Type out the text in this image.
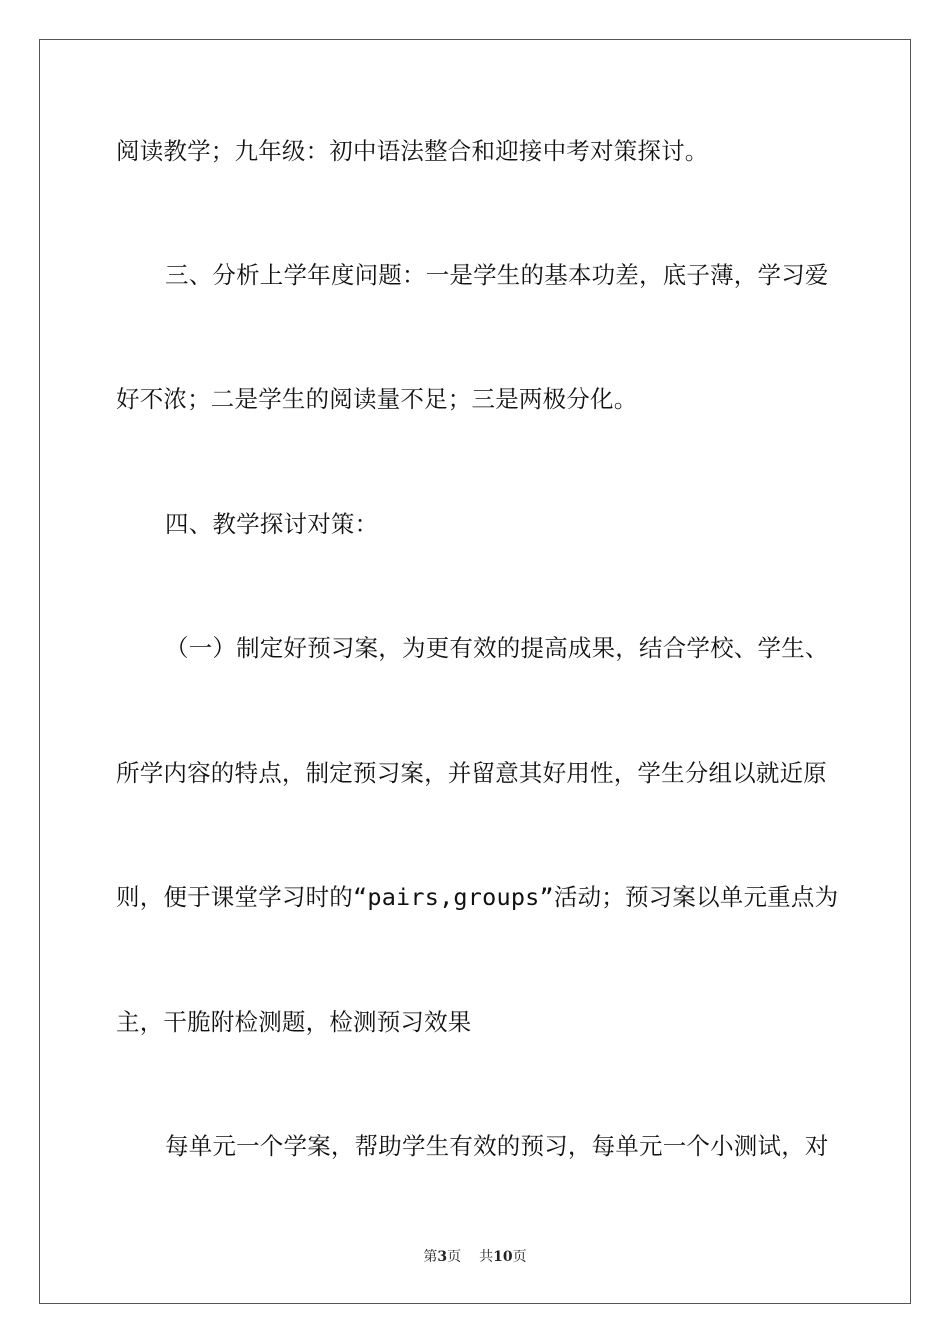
阅读教学；九年级：初中语法整合和迎接中考对策探讨。
三、分析上学年度问题：一是学生的基本功差，底子薄，学习爱
好不浓；二是学生的阅读量不足；三是两极分化。
四、教学探讨对策：
（一）制定好预习案，为更有效的提高成果，结合学校、学生、
所学内容的特点，制定预习案，并留意其好用性，学生分组以就近原
则，便于课堂学习时的“pairs,groups”活动；预习案以单元重点为
主，干脆附检测题，检测预习效果
每单元一个学案，帮助学生有效的预习，每单元一个小测试，对
第3页 共10页
